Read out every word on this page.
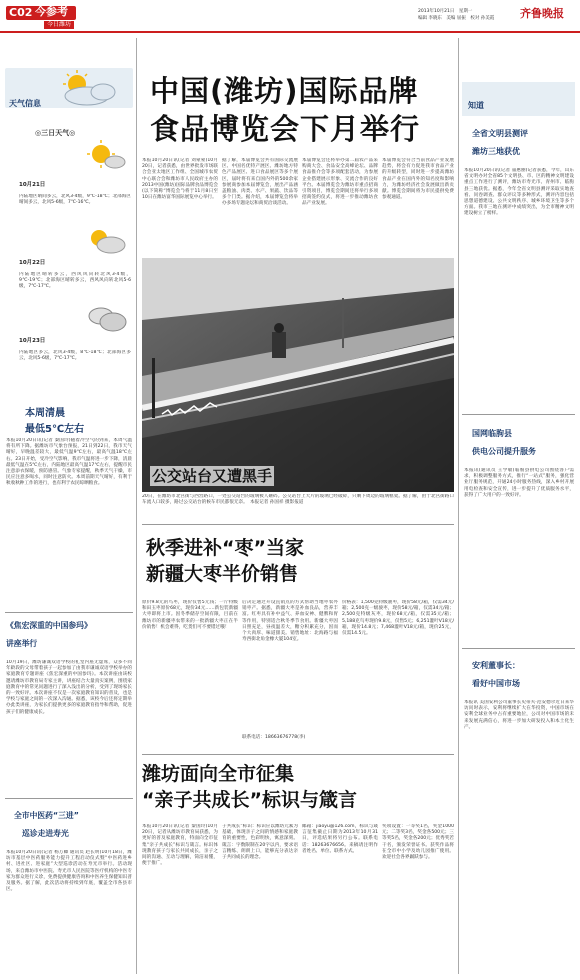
C02 今参考
今日潍坊
2013年10月21日　星期一
编辑 李晓东　美编 屈振　校对 孙美霞	齐鲁晚报
天气信息
◎三日天气◎
10月21日
内陆地区晴间多云，北风3-4级，9℃-18℃；北部海区晴间多云，北风5-6级，7℃-16℃。
10月22日
内陆地区晴转多云，西风风向转北风3-4级，9℃-19℃；北部海区晴转多云，西风风向转北风5-6级，7℃-17℃。
10月23日
内陆地区多云，北风3-4级，8℃-18℃；北部海区多云，北风5-6级，7℃-17℃。
本周清晨
最低5℃左右
本报10月20日讯(记者 秦国玲)随着冷空气的到来，本周气温将有所下降。据潍坊市气象台预报，21日到22日，我市天气晴好，早晚温差较大，最低气温9℃左右，最高气温18℃左右。23日开始，受冷空气影响，我市气温将进一步下降，清晨最低气温在5℃左右，内陆地区最高气温17℃左右，提醒市民注意添衣保暖，预防感冒。气象专家提醒，秋季天气干燥，市民应注意多喝水，同时注意防火。本周前期天气晴好，有利于秋收秋种工作的进行，也有利于农民晾晒粮食。
《焦宏深重的中国参玛》
讲座举行
10月19日，潍坊谦诚双语学校的礼堂内座无虚席，众多不同年龄段的父母带着孩子一起参加了由我市谦诚双语学校举办的家庭教育专题讲座《焦宏深重的中国参玛》。本次讲座由该校邀请潍坊市教育局专家主讲，讲座结合大量真实案例，围绕家庭教育中的常见问题进行了深入浅出的分析，受到了现场家长的一致好评。本次讲座不仅是一次家庭教育知识的普及，也是学校与家庭之间的一次深入沟通。据悉，该校今后还将定期举办此类讲座，为家长们提供更多的家庭教育指导和帮助，促进孩子们的健康成长。
全市中医药“三进”
巡诊走进寿光
本报10月20日讯(记者 杨万卿 通讯员 赵长明)10月18日，潍坊市基层中医药服务能力提升工程启动仪式暨“中医药进乡村、进社区、进家庭”大型巡诊活动在寿光市举行。活动现场，来自潍坊市中医院、寿光市人民医院等医疗机构的中医专家为群众进行义诊，免费提供健康咨询和中医养生保健知识普及服务。据了解，此次活动将持续到年底，覆盖全市各县市区。
中国(潍坊)国际品牌
食品博览会下月举行
本报10月20日讯(记者 刘蒙蒙)10月20日，记者获悉，由世界批发市场联合会亚太地区工作组、全国城市农贸中心联合会和潍坊市人民政府主办的2013中国(潍坊)国际品牌食品博览会(以下简称“博览会”)将于11月8日至10日在潍坊富华国际展览中心举行。
据了解，本届博览会共有国际交流展区、中国名优特产展区、潍坊地方特色产品展区、进口食品展区等多个展区，届时将有来自国内外的500余家参展商参加本届博览会，展出产品涵盖粮油、肉类、水产、果蔬、饮品等多个门类。据介绍，本届博览会将举办多场专题论坛和商贸洽谈活动。
本届博览会还将举办第二届农产品采购商大会、食品安全高峰论坛、品牌食品推介会等多项配套活动，为参展企业搭建展示形象、交流合作的良好平台。本届博览会为潍坊市重点招商引资项目，博览会期间还将举行多项招商签约仪式，将进一步推动潍坊食品产业发展。
本届博览会符合当前食品产业发展趋势，将会有力促进我市食品产业的升级转型，同时进一步提高潍坊食品产业在国内外的知名度和影响力，为潍坊经济社会发展做出新贡献。博览会期间将为市民提供免费参观通道。
公交站台又遭黑手
20日，在潍坊市北宫街与西营路口，一处公交站台的玻璃被人砸碎。公交站台上大片的玻璃已经破碎，只剩下周边的玻璃框架。据了解，由于北宫街路口车流人口较多，路过公交站台的候车市民都很无奈。　本报记者 孙国祥 摄影报道
秋季进补“枣”当家
新疆大枣半价销售
原价9.8元的鸟枣，现价仅售5元钱；一斤特级和田玉枣原价68元，现价34元……新包装新疆大枣即将上市。因冬季储存空间有限，目前在潍坊市的新疆枣农带来的一批新疆大枣正在半价销售！机会难得，吃货们可不要错过哦！
后决定通过开设直销点的方式帮助当地枣农外销枣产。据悉，新疆大枣是补血良品，营养丰富。红枣具有补中益气、养血安神、健脾和胃等作用，特别适合秋冬季节食用。新疆大枣因日照充足，昼夜温差大，糖分积累充分，因而个大肉厚、味道甜美。销售地址：北海路与福寿西街北角金橡大厦104室。
联系电话：18663676778(李)
价格表：1,500克特级骏枣，现价58元/箱，仅需34元/箱；2,500克一级骏枣，现价58元/箱，仅需34元/箱；2,500克特级灰枣，现价68元/箱，仅需35元/箱；5,188克鸟枣现价9.8元，仅售5元；6,251灌叶V18元/箱，现价14.8元；7,468灌叶V18元/箱，现价25元，仅需14.5元。
潍坊面向全市征集
“亲子共成长”标识与箴言
本报10月20日讯(记者 秦国玲)10月20日，记者从潍坊市教育局获悉，为更好的普及家庭教育，特面向全市征集“亲子共成长”标识与箴言。标识体现教育孩子与家长共同成长，亲子之间的沟通、互动与理解，简洁易懂，便于推广。
子共成长”标识：标识应以潍坊元素为基础，体现亲子之间的情感和家庭教育的重要性，色彩明快，寓意深刻。箴言：字数限制在20字以内，要求语言精练、朗朗上口，能够充分表达亲子共同成长的理念。
邮箱：jiaoyu@126.com，标识与箴言征集截止日期为2013年10月31日，评选结果将另行公布。联系电话：18263676656。来稿请注明作者姓名、单位、联系方式。
奖项设置：一等奖1名，奖金1000元；二等奖3名，奖金各500元；三等奖5名，奖金各200元；优秀奖若干名，颁发荣誉证书。获奖作品将在全市中小学及幼儿园推广使用。欢迎社会各界踊跃参与。
知道
全省文明县测评
潍坊三地获优
本报10月20日讯(记者 董惠丽)记者获悉，今年，山东省文明办对全省85个文明县、市、区的精神文明建设重点工作进行了测评，潍坊市寿光市、青州市、临朐县三地获优。据悉，今年全省文明县测评采取实地查看、问卷调查、群众评议等多种形式，测评内容包括思想道德建设、公共文明秩序、城乡环境卫生等多个方面。我市三地在测评中成绩突出，为全市精神文明建设树立了榜样。
国网临朐县
供电公司提升服务
本报讯(通讯员 王学敏)临朐县供电公司围绕客户需求，积极调整服务方式，推行“一站式”服务，强化营业厅服务规范，开通24小时服务热线，深入乡村开展用电检查和安全宣传，进一步提升了优质服务水平，获得了广大用户的一致好评。
安利董事长：
看好中国市场
本报讯 美国安利公司董事长史蒂夫·范安德尔近日来华访问时表示，安利将继续扩大在华投资，中国市场在安利全球业务中占有重要地位，公司对中国市场的未来发展充满信心，将进一步加大研发投入和本土化生产。
